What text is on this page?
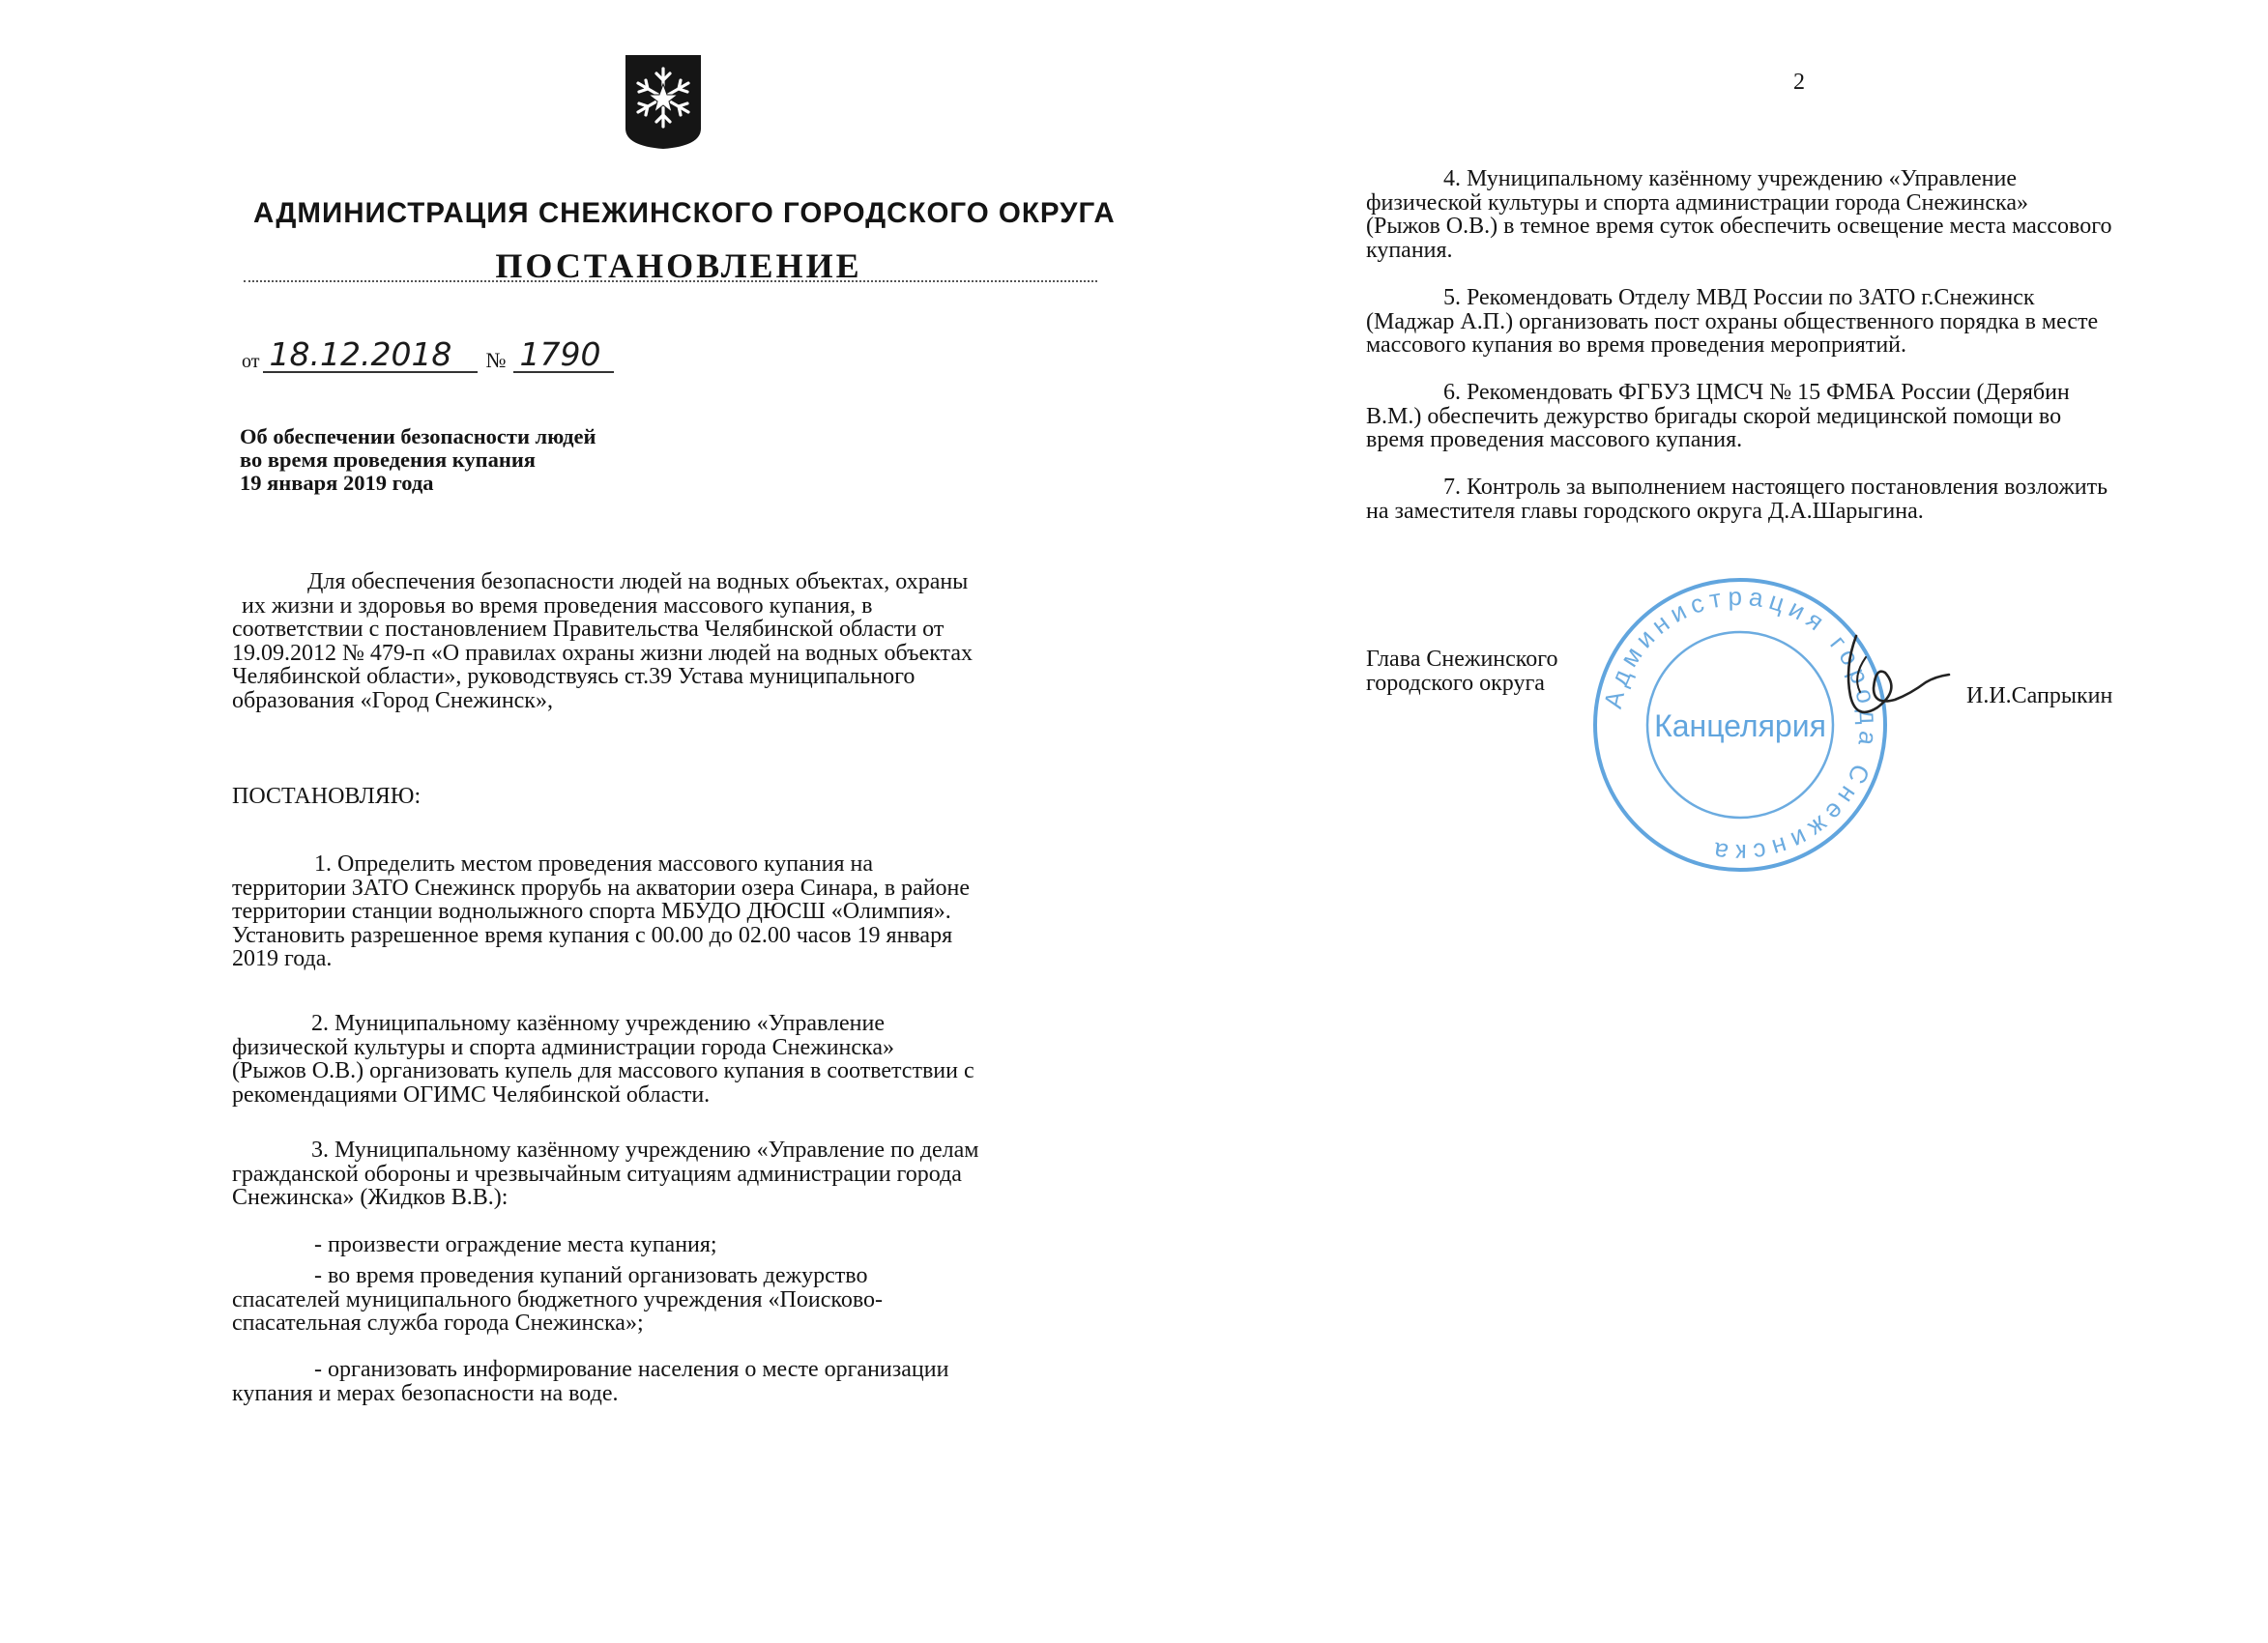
АДМИНИСТРАЦИЯ СНЕЖИНСКОГО ГОРОДСКОГО ОКРУГА
ПОСТАНОВЛЕНИЕ
от 18.12.2018 № 1790
Об обеспечении безопасности людей
во время проведения купания
19 января 2019 года

Для обеспечения безопасности людей на водных объектах, охраны

их жизни и здоровья во время проведения массового купания, в

соответствии с постановлением Правительства Челябинской области от

19.09.2012 № 479-п «О правилах охраны жизни людей на водных объектах

Челябинской области», руководствуясь ст.39 Устава муниципального

образования «Город Снежинск»,

ПОСТАНОВЛЯЮ:

1. Определить местом проведения массового купания на

территории ЗАТО Снежинск прорубь на акватории озера Синара, в районе

территории станции воднолыжного спорта МБУДО ДЮСШ «Олимпия».

Установить разрешенное время купания с 00.00 до 02.00 часов 19 января

2019 года.

2. Муниципальному казённому учреждению «Управление

физической культуры и спорта администрации города Снежинска»

(Рыжов О.В.) организовать купель для массового купания в соответствии с

рекомендациями ОГИМС Челябинской области.

3. Муниципальному казённому учреждению «Управление по делам

гражданской обороны и чрезвычайным ситуациям администрации города

Снежинска» (Жидков В.В.):

- произвести ограждение места купания;

- во время проведения купаний организовать дежурство

спасателей муниципального бюджетного учреждения «Поисково-

спасательная служба города Снежинска»;

- организовать информирование населения о месте организации

купания и мерах безопасности на воде.

2

4. Муниципальному казённому учреждению «Управление

физической культуры и спорта администрации города Снежинска»

(Рыжов О.В.) в темное время суток обеспечить освещение места массового

купания.

5. Рекомендовать Отделу МВД России по ЗАТО г.Снежинск

(Маджар А.П.) организовать пост охраны общественного порядка в месте

массового купания во время проведения мероприятий.

6. Рекомендовать ФГБУЗ ЦМСЧ № 15 ФМБА России (Дерябин

В.М.) обеспечить дежурство бригады скорой медицинской помощи во

время проведения массового купания.

7. Контроль за выполнением настоящего постановления возложить

на заместителя главы городского округа Д.А.Шарыгина.

Глава Снежинского
городского округа	Администрация города Снежинска
Канцелярия
И.И.Сапрыкин
